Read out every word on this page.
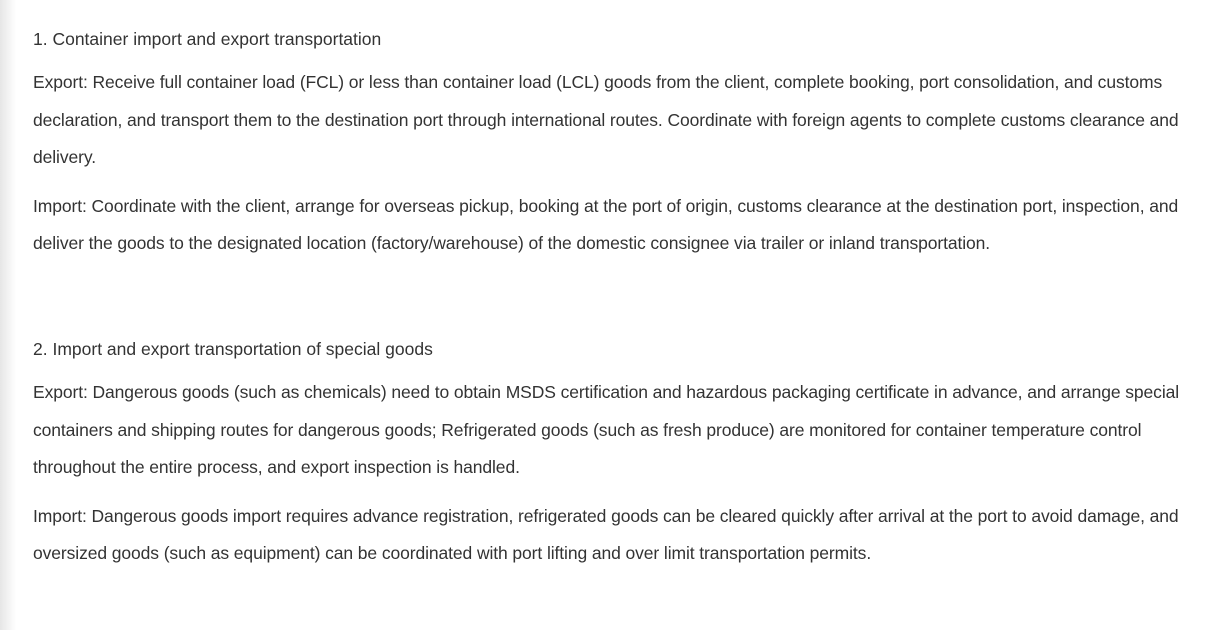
1. Container import and export transportation

Export: Receive full container load (FCL) or less than container load (LCL) goods from the client, complete booking, port consolidation, and customs declaration, and transport them to the destination port through international routes. Coordinate with foreign agents to complete customs clearance and delivery.

Import: Coordinate with the client, arrange for overseas pickup, booking at the port of origin, customs clearance at the destination port, inspection, and deliver the goods to the designated location (factory/warehouse) of the domestic consignee via trailer or inland transportation.

2. Import and export transportation of special goods

Export: Dangerous goods (such as chemicals) need to obtain MSDS certification and hazardous packaging certificate in advance, and arrange special containers and shipping routes for dangerous goods; Refrigerated goods (such as fresh produce) are monitored for container temperature control throughout the entire process, and export inspection is handled.

Import: Dangerous goods import requires advance registration, refrigerated goods can be cleared quickly after arrival at the port to avoid damage, and oversized goods (such as equipment) can be coordinated with port lifting and over limit transportation permits.
